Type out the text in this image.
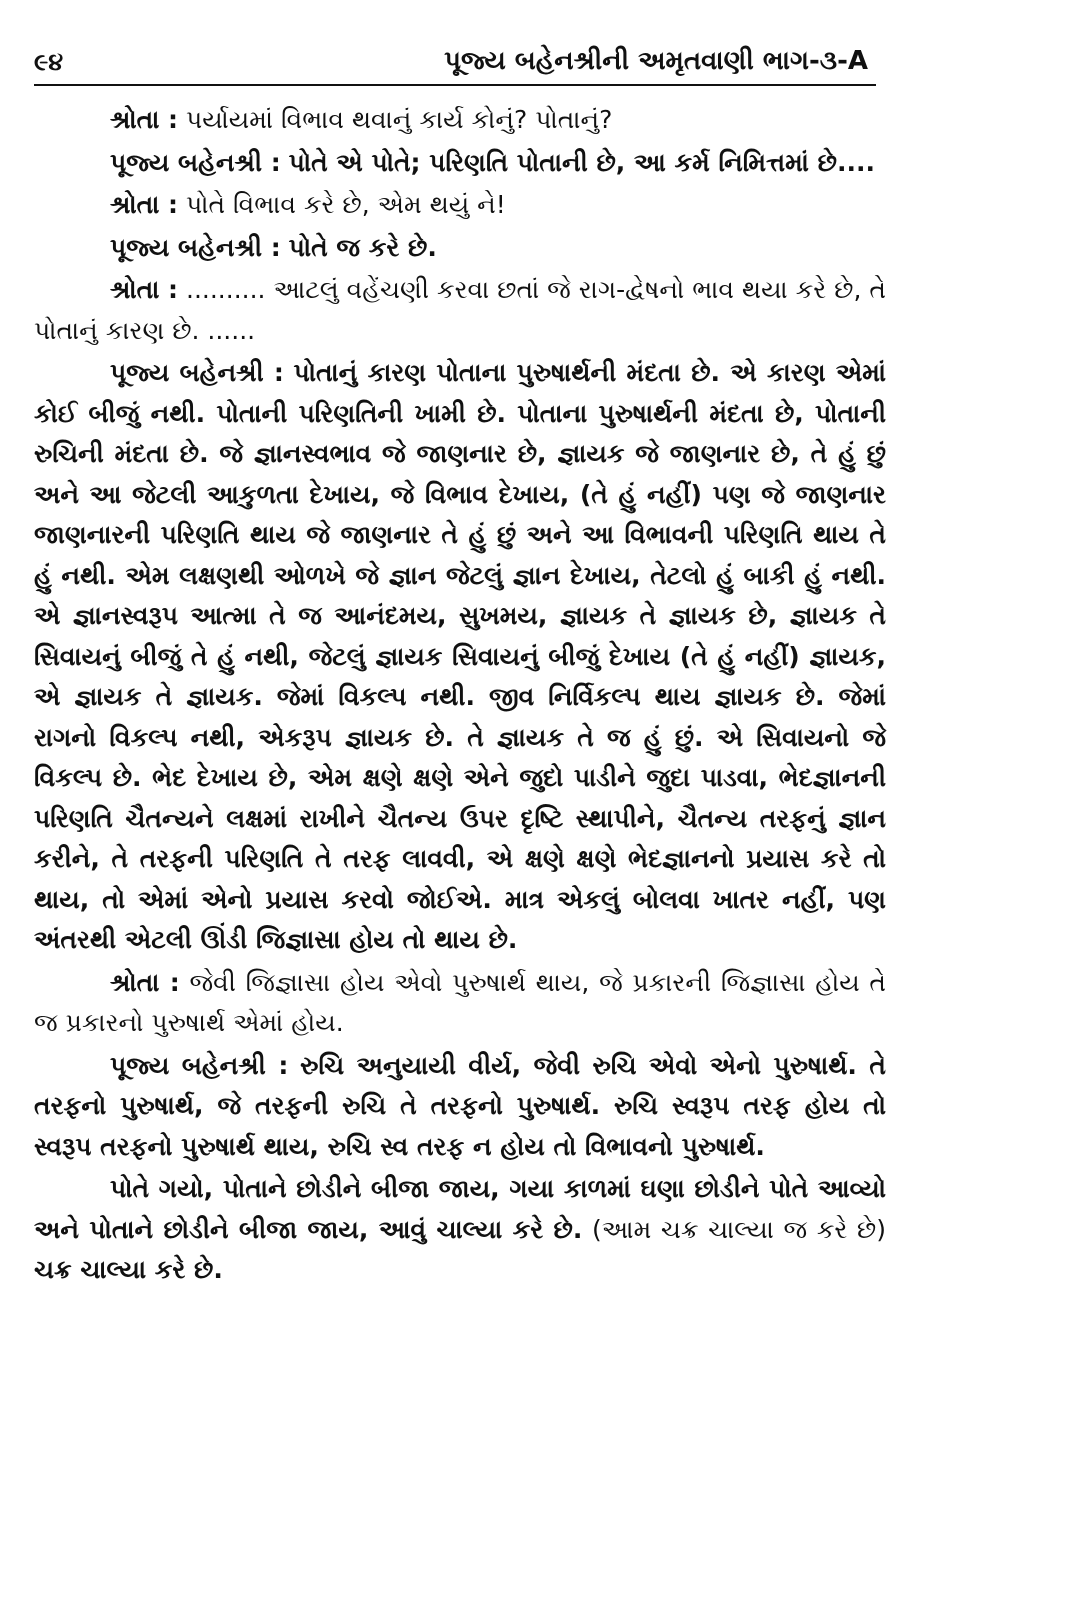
૯૪	પૂજ્ય બહેનશ્રીની અમૃતવાણી ભાગ-૩-A

શ્રોતા : પર્યાયમાં વિભાવ થવાનું કાર્ય કોનું? પોતાનું?

પૂજ્ય બહેનશ્રી : પોતે એ પોતે; પરિણતિ પોતાની છે, આ કર્મ નિમિત્તમાં છે....

શ્રોતા : પોતે વિભાવ કરે છે, એમ થયું ને!

પૂજ્ય બહેનશ્રી : પોતે જ કરે છે.

શ્રોતા : .......... આટલું વહેંચણી કરવા છતાં જે રાગ-દ્વેષનો ભાવ થયા કરે છે, તે પોતાનું કારણ છે. ......

પૂજ્ય બહેનશ્રી : પોતાનું કારણ પોતાના પુરુષાર્થની મંદતા છે. એ કારણ એમાં કોઈ બીજું નથી. પોતાની પરિણતિની ખામી છે. પોતાના પુરુષાર્થની મંદતા છે, પોતાની રુચિની મંદતા છે. જે જ્ઞાનસ્વભાવ જે જાણનાર છે, જ્ઞાયક જે જાણનાર છે, તે હું છું અને આ જેટલી આકુળતા દેખાય, જે વિભાવ દેખાય, (તે હું નહીં) પણ જે જાણનાર જાણનારની પરિણતિ થાય જે જાણનાર તે હું છું અને આ વિભાવની પરિણતિ થાય તે હું નથી. એમ લક્ષણથી ઓળખે જે જ્ઞાન જેટલું જ્ઞાન દેખાય, તેટલો હું બાકી હું નથી. એ જ્ઞાનસ્વરૂપ આત્મા તે જ આનંદમય, સુખમય, જ્ઞાયક તે જ્ઞાયક છે, જ્ઞાયક તે સિવાયનું બીજું તે હું નથી, જેટલું જ્ઞાયક સિવાયનું બીજું દેખાય (તે હું નહીં) જ્ઞાયક, એ જ્ઞાયક તે જ્ઞાયક. જેમાં વિકલ્પ નથી. જીવ નિર્વિકલ્પ થાય જ્ઞાયક છે. જેમાં રાગનો વિકલ્પ નથી, એકરૂપ જ્ઞાયક છે. તે જ્ઞાયક તે જ હું છું. એ સિવાયનો જે વિકલ્પ છે. ભેદ દેખાય છે, એમ ક્ષણે ક્ષણે એને જુદો પાડીને જુદા પાડવા, ભેદજ્ઞાનની પરિણતિ ચૈતન્યને લક્ષમાં રાખીને ચૈતન્ય ઉપર દૃષ્ટિ સ્થાપીને, ચૈતન્ય તરફનું જ્ઞાન કરીને, તે તરફની પરિણતિ તે તરફ લાવવી, એ ક્ષણે ક્ષણે ભેદજ્ઞાનનો પ્રયાસ કરે તો થાય, તો એમાં એનો પ્રયાસ કરવો જોઈએ. માત્ર એકલું બોલવા ખાતર નહીં, પણ અંતરથી એટલી ઊંડી જિજ્ઞાસા હોય તો થાય છે.

શ્રોતા : જેવી જિજ્ઞાસા હોય એવો પુરુષાર્થ થાય, જે પ્રકારની જિજ્ઞાસા હોય તે જ પ્રકારનો પુરુષાર્થ એમાં હોય.

પૂજ્ય બહેનશ્રી : રુચિ અનુયાયી વીર્ય, જેવી રુચિ એવો એનો પુરુષાર્થ. તે તરફનો પુરુષાર્થ, જે તરફની રુચિ તે તરફનો પુરુષાર્થ. રુચિ સ્વરૂપ તરફ હોય તો સ્વરૂપ તરફનો પુરુષાર્થ થાય, રુચિ સ્વ તરફ ન હોય તો વિભાવનો પુરુષાર્થ.

પોતે ગયો, પોતાને છોડીને બીજા જાય, ગયા કાળમાં ઘણા છોડીને પોતે આવ્યો અને પોતાને છોડીને બીજા જાય, આવું ચાલ્યા કરે છે. (આમ ચક્ર ચાલ્યા જ કરે છે) ચક્ર ચાલ્યા કરે છે.
